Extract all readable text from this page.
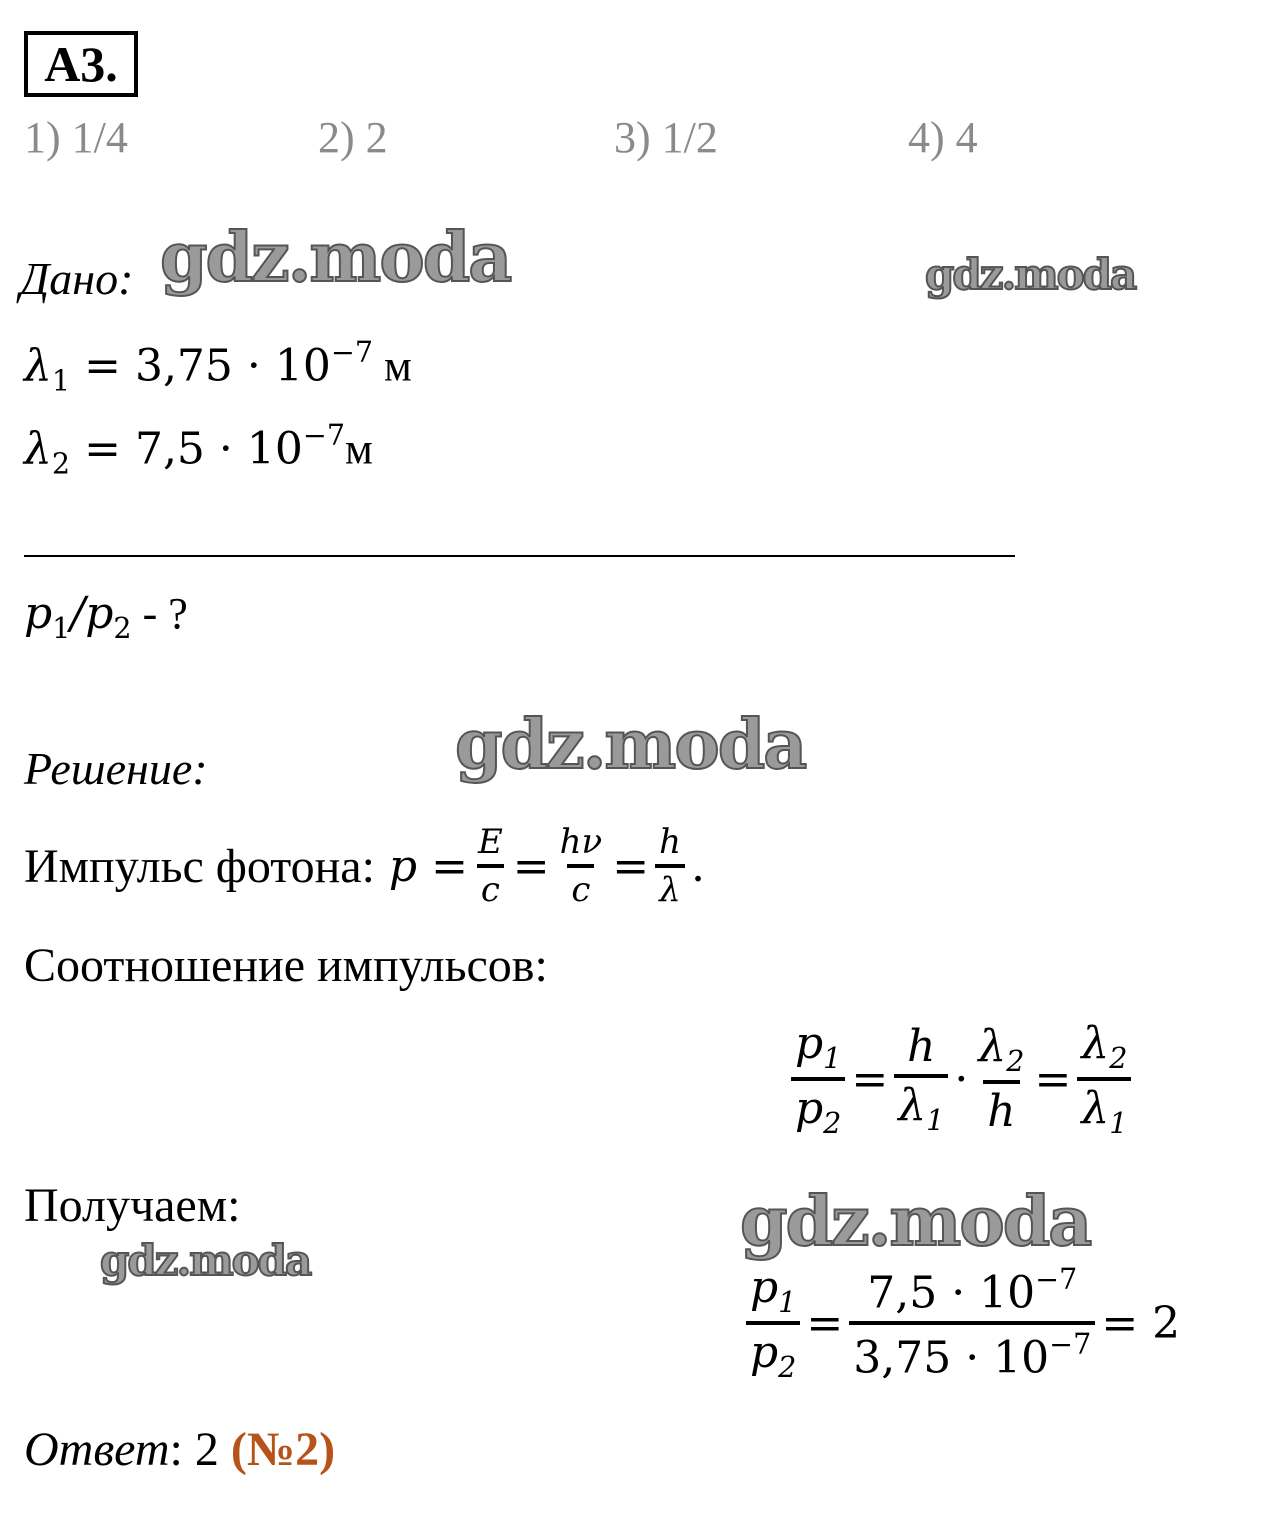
А3.
1) 1/4	2) 2	3) 1/2	4) 4
Дано: gdz.moda	gdz.moda
$\lambda_1 = 3,75 \cdot 10^{-7}$ м
$\lambda_2 = 7,5 \cdot 10^{-7}м$
$p_1/p_2$ - ?
Решение:	gdz.moda
Импульс фотона: p
= $\frac{E}{c} = \frac{h\nu}{c} = \frac{h}{\lambda}$ .
Соотношение импульсов:
$\frac{p_1}{p_2} = \frac{h}{\lambda_1} \cdot \frac{\lambda_2}{h} = \frac{\lambda_2}{\lambda_1}$
Получаем:
gdz.moda	gdz.moda
$\frac{p_1}{p_2} = \frac{7,5 \cdot 10^{-7}}{3,75 \cdot 10^{-7}} = 2$
Ответ: 2 (№2)
